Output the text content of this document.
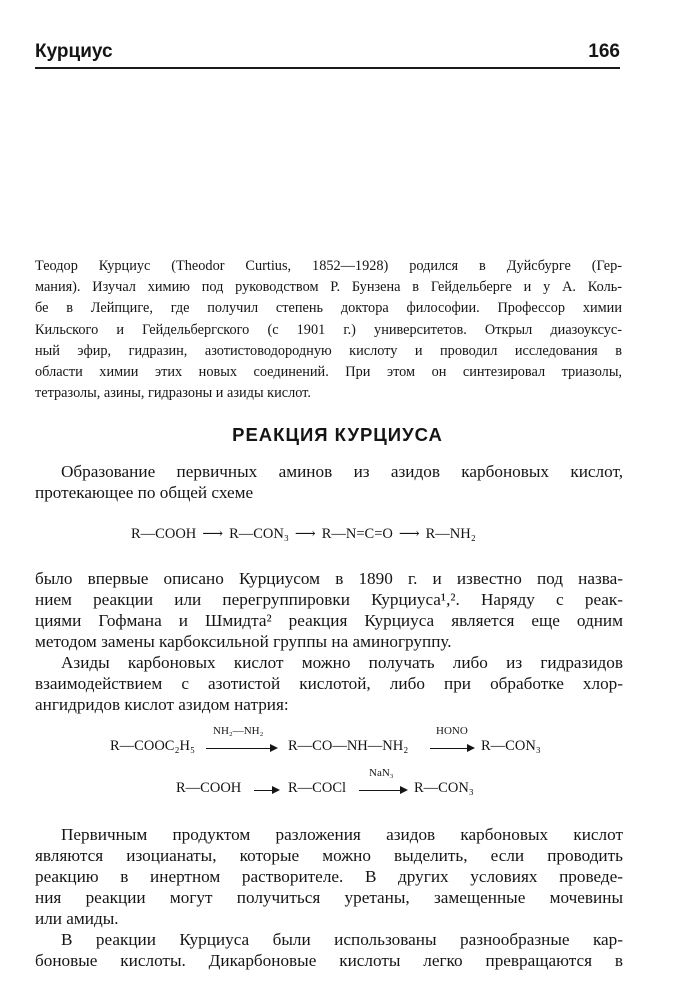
Курциус	166

Теодор Курциус (Theodor Curtius, 1852—1928) родился в Дуйсбурге (Гер-
мания). Изучал химию под руководством Р. Бунзена в Гейдельберге и у А. Коль-
бе в Лейпциге, где получил степень доктора философии. Профессор химии
Кильского и Гейдельбергского (с 1901 г.) университетов. Открыл диазоуксус-
ный эфир, гидразин, азотистоводородную кислоту и проводил исследования в
области химии этих новых соединений. При этом он синтезировал триазолы,
тетразолы, азины, гидразоны и азиды кислот.

РЕАКЦИЯ КУРЦИУСА

Образование первичных аминов из азидов карбоновых кислот,
протекающее по общей схеме

R—COOH ⟶ R—CON₃ ⟶ R—N=C=O ⟶ R—NH₂

было впервые описано Курциусом в 1890 г. и известно под назва-
нием реакции или перегруппировки Курциуса¹,². Наряду с реак-
циями Гофмана и Шмидта² реакция Курциуса является еще одним
методом замены карбоксильной группы на аминогруппу.
Азиды карбоновых кислот можно получать либо из гидразидов
взаимодействием с азотистой кислотой, либо при обработке хлор-
ангидридов кислот азидом натрия:

R—COOC₂H₅
NH₂—NH₂
R—CO—NH—NH₂
HONO
R—CON₃
R—COOH	R—COCl
NaN₃
R—CON₃

Первичным продуктом разложения азидов карбоновых кислот
являются изоцианаты, которые можно выделить, если проводить
реакцию в инертном растворителе. В других условиях проведе-
ния реакции могут получиться уретаны, замещенные мочевины
или амиды.
В реакции Курциуса были использованы разнообразные кар-
боновые кислоты. Дикарбоновые кислоты легко превращаются в
